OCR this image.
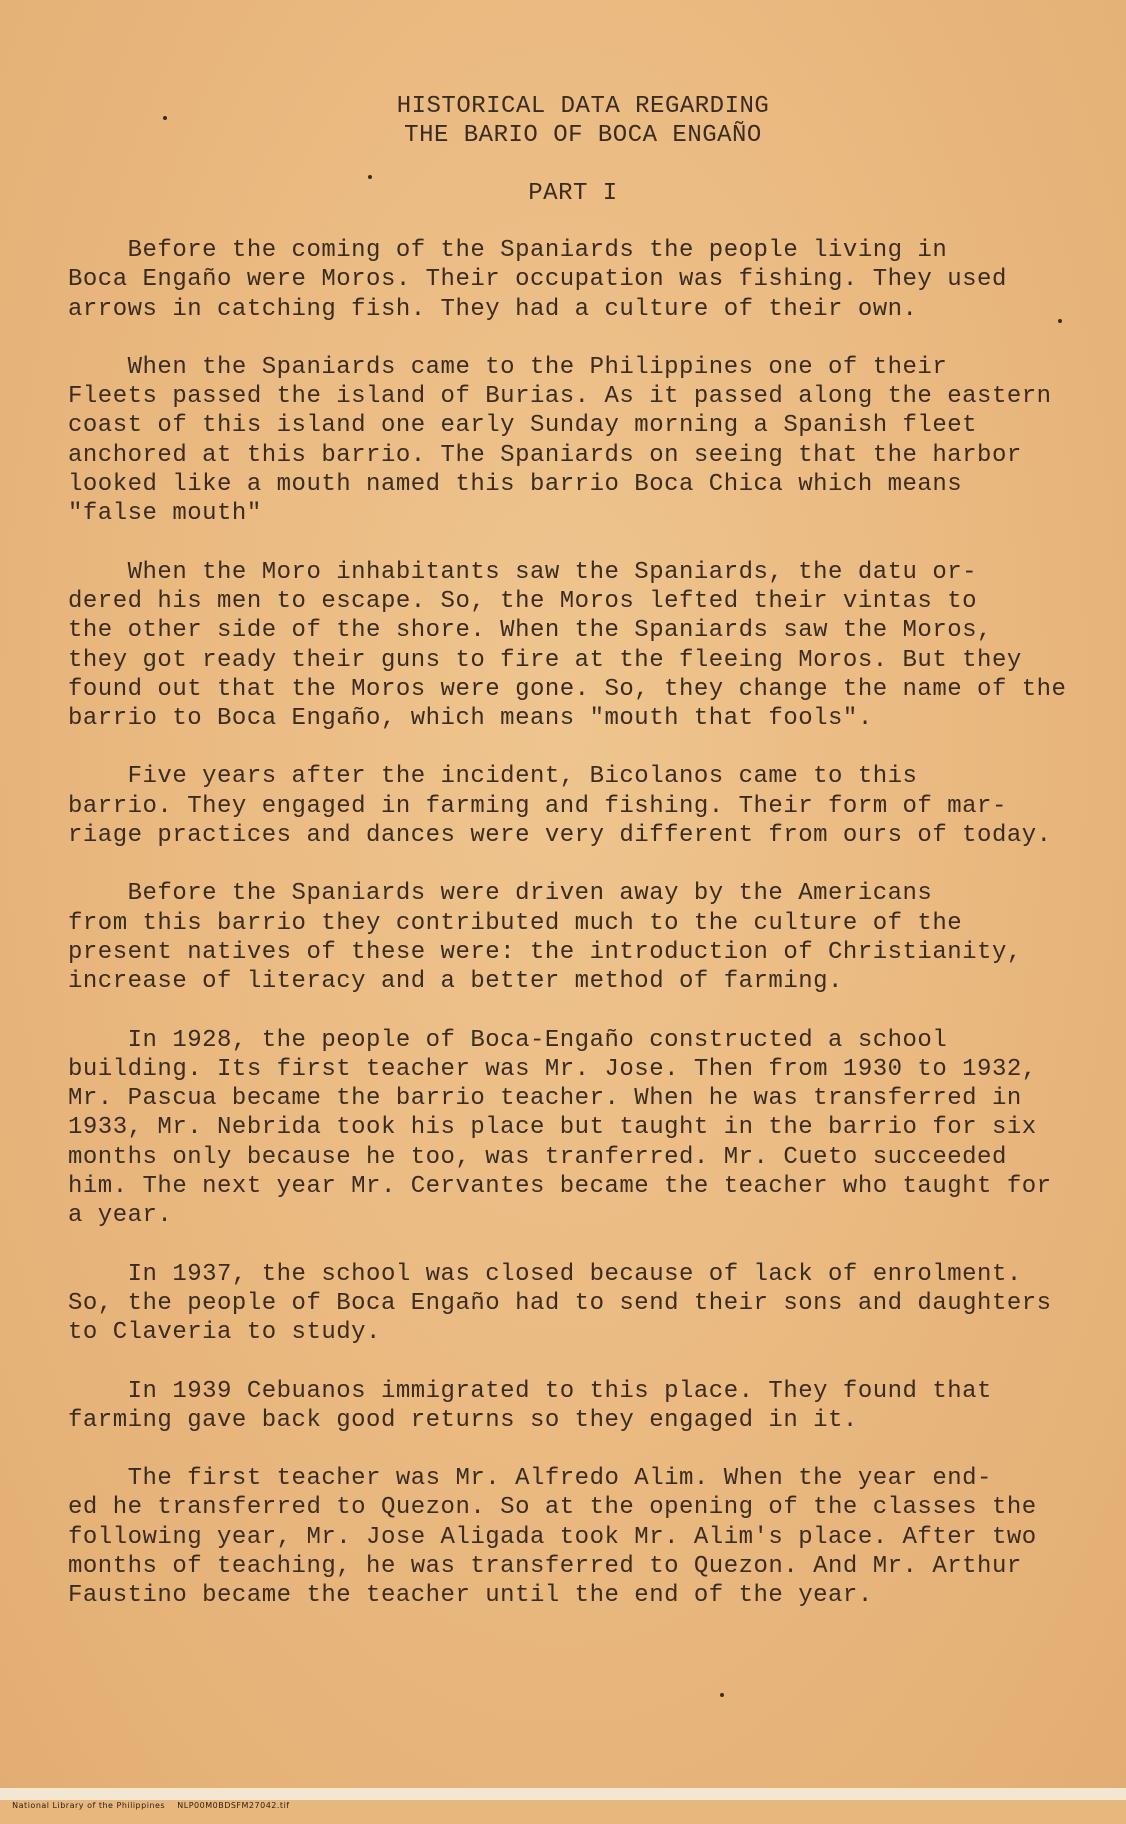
HISTORICAL DATA REGARDING
THE BARIO OF BOCA ENGAÑO
PART I

Before the coming of the Spaniards the people living in
Boca Engaño were Moros. Their occupation was fishing. They used
arrows in catching fish. They had a culture of their own.

When the Spaniards came to the Philippines one of their
Fleets passed the island of Burias. As it passed along the eastern
coast of this island one early Sunday morning a Spanish fleet
anchored at this barrio. The Spaniards on seeing that the harbor
looked like a mouth named this barrio Boca Chica which means
"false mouth"

When the Moro inhabitants saw the Spaniards, the datu or-
dered his men to escape. So, the Moros lefted their vintas to
the other side of the shore. When the Spaniards saw the Moros,
they got ready their guns to fire at the fleeing Moros. But they
found out that the Moros were gone. So, they change the name of the
barrio to Boca Engaño, which means "mouth that fools".

Five years after the incident, Bicolanos came to this
barrio. They engaged in farming and fishing. Their form of mar-
riage practices and dances were very different from ours of today.

Before the Spaniards were driven away by the Americans
from this barrio they contributed much to the culture of the
present natives of these were: the introduction of Christianity,
increase of literacy and a better method of farming.

In 1928, the people of Boca-Engaño constructed a school
building. Its first teacher was Mr. Jose. Then from 1930 to 1932,
Mr. Pascua became the barrio teacher. When he was transferred in
1933, Mr. Nebrida took his place but taught in the barrio for six
months only because he too, was tranferred. Mr. Cueto succeeded
him. The next year Mr. Cervantes became the teacher who taught for
a year.

In 1937, the school was closed because of lack of enrolment.
So, the people of Boca Engaño had to send their sons and daughters
to Claveria to study.

In 1939 Cebuanos immigrated to this place. They found that
farming gave back good returns so they engaged in it.

The first teacher was Mr. Alfredo Alim. When the year end-
ed he transferred to Quezon. So at the opening of the classes the
following year, Mr. Jose Aligada took Mr. Alim's place. After two
months of teaching, he was transferred to Quezon. And Mr. Arthur
Faustino became the teacher until the end of the year.

National Library of the Philippines NLP00M0BDSFM27042.tif
